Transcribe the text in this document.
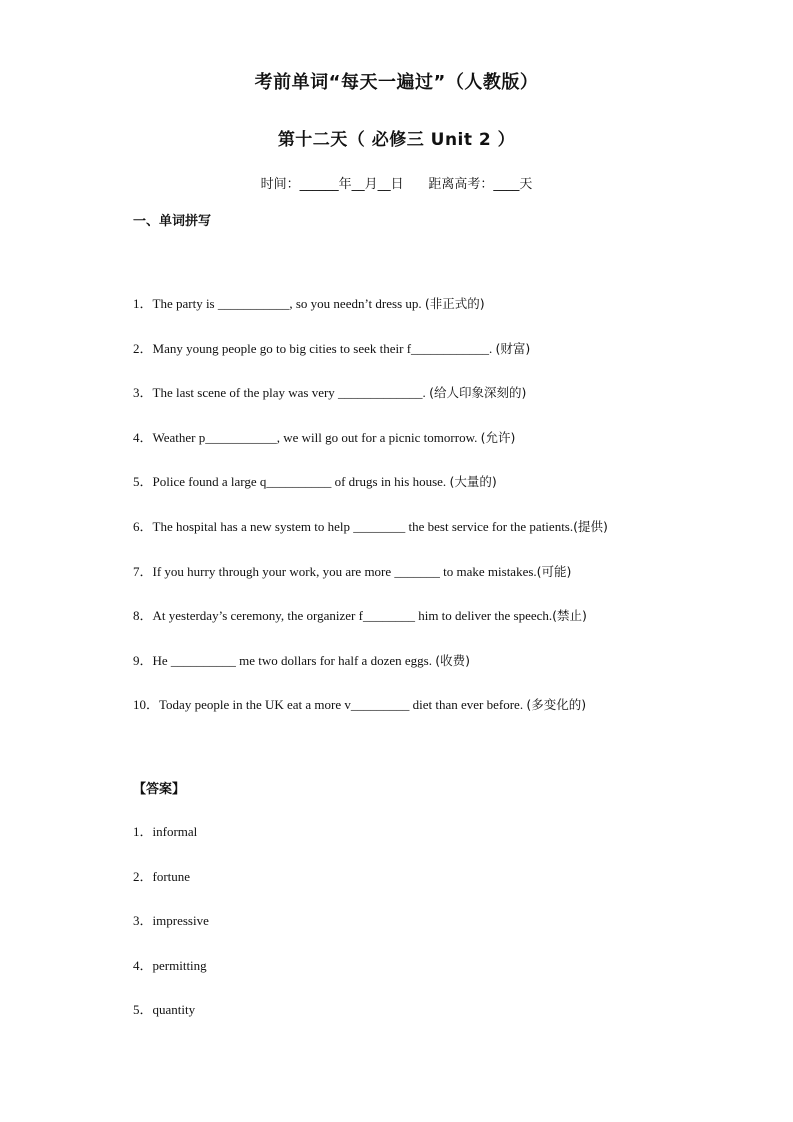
考前单词“每天一遍过”（人教版）
第十二天（ 必修三 Unit 2 ）
时间：______年__月__日      距离高考：____天
一、单词拼写
1．The party is ___________, so you needn’t dress up. (非正式的)
2．Many young people go to big cities to seek their f____________. (财富)
3．The last scene of the play was very _____________. (给人印象深刻的)
4．Weather p___________, we will go out for a picnic tomorrow. (允许)
5．Police found a large q__________ of drugs in his house. (大量的)
6．The hospital has a new system to help ________ the best service for the patients.(提供)
7．If you hurry through your work, you are more _______ to make mistakes.(可能)
8．At yesterday’s ceremony, the organizer f________ him to deliver the speech.(禁止)
9．He __________ me two dollars for half a dozen eggs. (收费)
10．Today people in the UK eat a more v_________ diet than ever before. (多变化的)
【答案】
1．informal
2．fortune
3．impressive
4．permitting
5．quantity
